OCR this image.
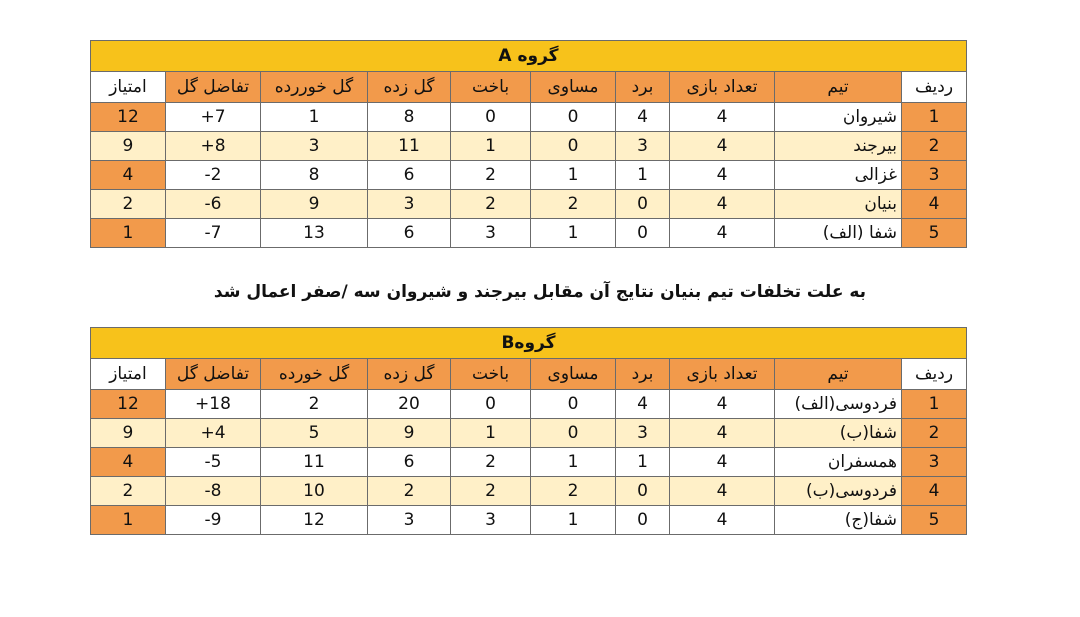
گروه A									
ردیف	تیم	تعداد بازی	برد	مساوی	باخت	گل زده	گل خوررده	تفاضل گل	امتیاز
1	شیروان	4	4	0	0	8	1	7+	12
2	بیرجند	4	3	0	1	11	3	8+	9
3	غزالی	4	1	1	2	6	8	2-	4
4	بنیان	4	0	2	2	3	9	6-	2
5	شفا (الف)	4	0	1	3	6	13	7-	1
به علت تخلفات تیم بنیان نتایج آن مقابل بیرجند و شیروان سه /صفر اعمال شد
گروهB									
ردیف	تیم	تعداد بازی	برد	مساوی	باخت	گل زده	گل خورده	تفاضل گل	امتیاز
1	فردوسی(الف)	4	4	0	0	20	2	18+	12
2	شفا(ب)	4	3	0	1	9	5	4+	9
3	همسفران	4	1	1	2	6	11	5-	4
4	فردوسی(ب)	4	0	2	2	2	10	8-	2
5	شفا(ج)	4	0	1	3	3	12	9-	1
